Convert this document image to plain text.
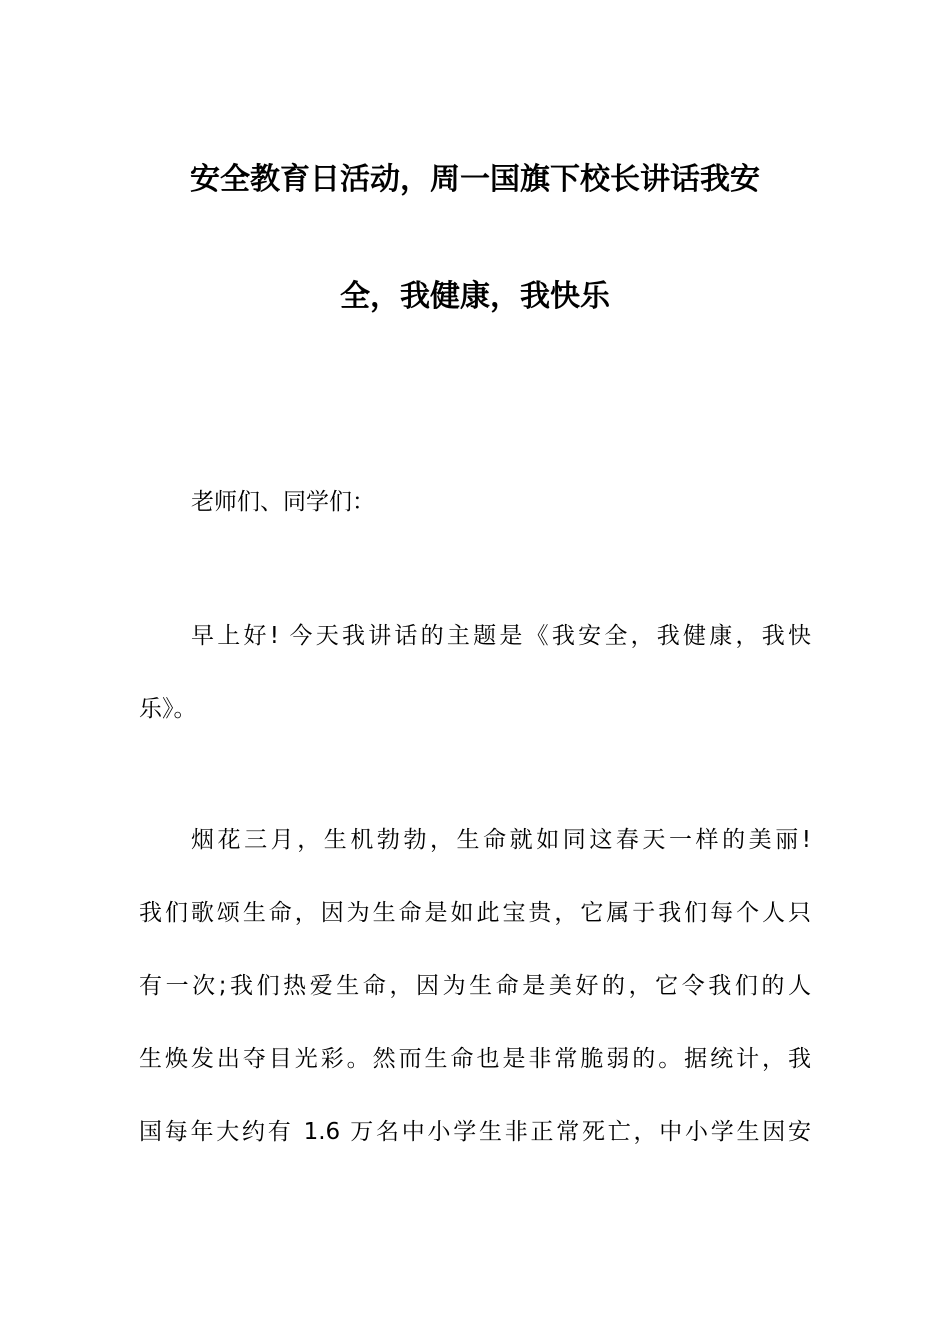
安全教育日活动，周一国旗下校长讲话我安
全，我健康，我快乐

老师们、同学们：

早上好! 今天我讲话的主题是《我安全，我健康，我快
乐》。

烟花三月，生机勃勃，生命就如同这春天一样的美丽!
我们歌颂生命，因为生命是如此宝贵，它属于我们每个人只
有一次;我们热爱生命，因为生命是美好的，它令我们的人
生焕发出夺目光彩。然而生命也是非常脆弱的。据统计，我
国每年大约有 1.6 万名中小学生非正常死亡，中小学生因安
